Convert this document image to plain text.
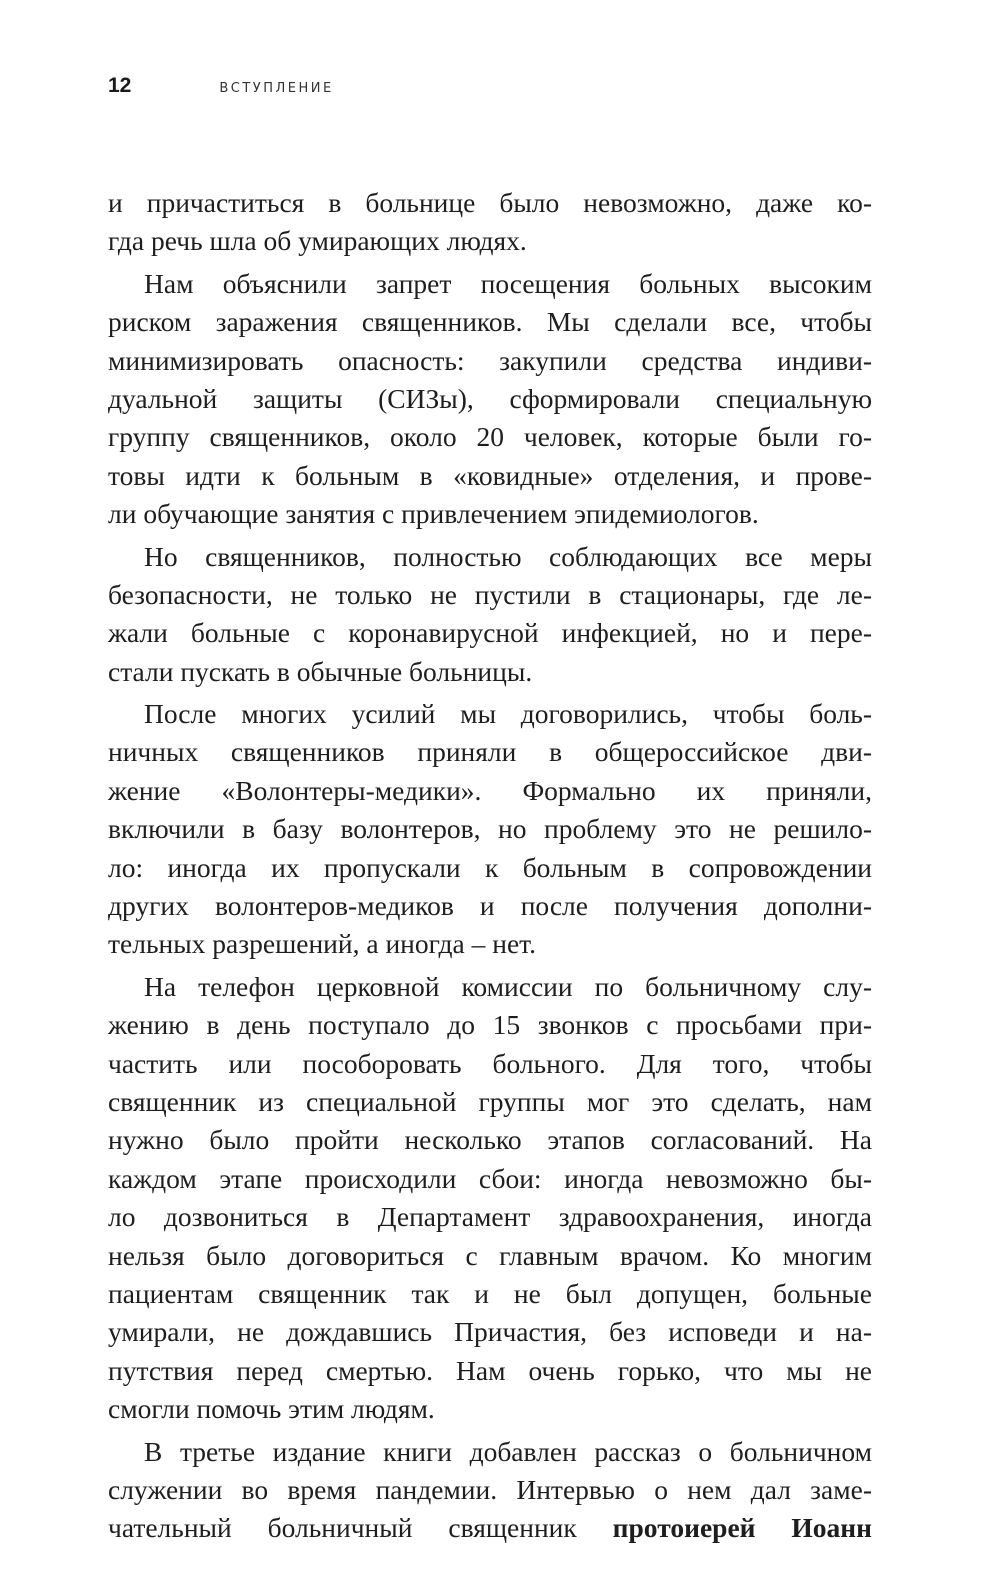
12	ВСТУПЛЕНИЕ
и причаститься в больнице было невозможно, даже ко-
гда речь шла об умирающих людях.
Нам объяснили запрет посещения больных высоким
риском заражения священников. Мы сделали все, чтобы
минимизировать опасность: закупили средства индиви-
дуальной защиты (СИЗы), сформировали специальную
группу священников, около 20 человек, которые были го-
товы идти к больным в «ковидные» отделения, и прове-
ли обучающие занятия с привлечением эпидемиологов.
Но священников, полностью соблюдающих все меры
безопасности, не только не пустили в стационары, где ле-
жали больные с коронавирусной инфекцией, но и пере-
стали пускать в обычные больницы.
После многих усилий мы договорились, чтобы боль-
ничных священников приняли в общероссийское дви-
жение «Волонтеры-медики». Формально их приняли,
включили в базу волонтеров, но проблему это не решило-
ло: иногда их пропускали к больным в сопровождении
других волонтеров-медиков и после получения дополни-
тельных разрешений, а иногда – нет.
На телефон церковной комиссии по больничному слу-
жению в день поступало до 15 звонков с просьбами при-
частить или пособоровать больного. Для того, чтобы
священник из специальной группы мог это сделать, нам
нужно было пройти несколько этапов согласований. На
каждом этапе происходили сбои: иногда невозможно бы-
ло дозвониться в Департамент здравоохранения, иногда
нельзя было договориться с главным врачом. Ко многим
пациентам священник так и не был допущен, больные
умирали, не дождавшись Причастия, без исповеди и на-
путствия перед смертью. Нам очень горько, что мы не
смогли помочь этим людям.
В третье издание книги добавлен рассказ о больничном
служении во время пандемии. Интервью о нем дал заме-
чательный больничный священник протоиерей Иоанн
